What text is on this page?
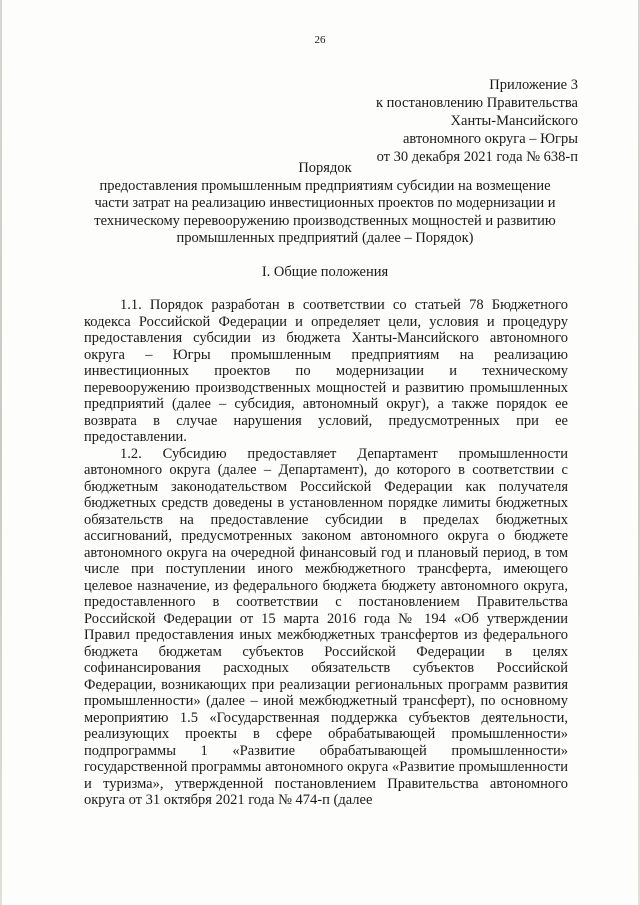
26
Приложение 3
к постановлению Правительства
Ханты-Мансийского
автономного округа – Югры
от 30 декабря 2021 года № 638-п
Порядок
предоставления промышленным предприятиям субсидии на возмещение части затрат на реализацию инвестиционных проектов по модернизации и техническому перевооружению производственных мощностей и развитию промышленных предприятий (далее – Порядок)
I. Общие положения

1.1. Порядок разработан в соответствии со статьей 78 Бюджетного кодекса Российской Федерации и определяет цели, условия и процедуру предоставления субсидии из бюджета Ханты-Мансийского автономного округа – Югры промышленным предприятиям на реализацию инвестиционных проектов по модернизации и техническому перевооружению производственных мощностей и развитию промышленных предприятий (далее – субсидия, автономный округ), а также порядок ее возврата в случае нарушения условий, предусмотренных при ее предоставлении.

1.2. Субсидию предоставляет Департамент промышленности автономного округа (далее – Департамент), до которого в соответствии с бюджетным законодательством Российской Федерации как получателя бюджетных средств доведены в установленном порядке лимиты бюджетных обязательств на предоставление субсидии в пределах бюджетных ассигнований, предусмотренных законом автономного округа о бюджете автономного округа на очередной финансовый год и плановый период, в том числе при поступлении иного межбюджетного трансферта, имеющего целевое назначение, из федерального бюджета бюджету автономного округа, предоставленного в соответствии с постановлением Правительства Российской Федерации от 15 марта 2016 года № 194 «Об утверждении Правил предоставления иных межбюджетных трансфертов из федерального бюджета бюджетам субъектов Российской Федерации в целях софинансирования расходных обязательств субъектов Российской Федерации, возникающих при реализации региональных программ развития промышленности» (далее – иной межбюджетный трансферт), по основному мероприятию 1.5 «Государственная поддержка субъектов деятельности, реализующих проекты в сфере обрабатывающей промышленности» подпрограммы 1 «Развитие обрабатывающей промышленности» государственной программы автономного округа «Развитие промышленности и туризма», утвержденной постановлением Правительства автономного округа от 31 октября 2021 года № 474-п (далее
